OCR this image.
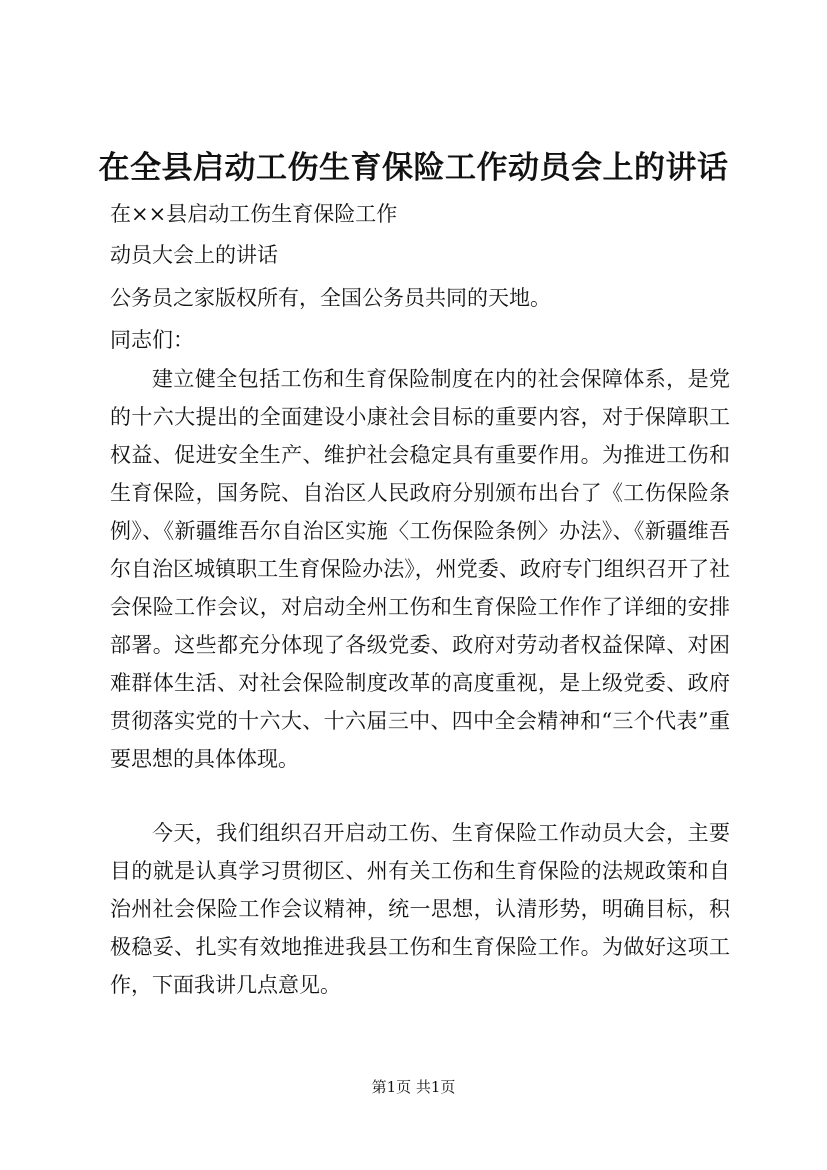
在全县启动工伤生育保险工作动员会上的讲话

在××县启动工伤生育保险工作

动员大会上的讲话

公务员之家版权所有，全国公务员共同的天地。

同志们：

建立健全包括工伤和生育保险制度在内的社会保障体系，是党的十六大提出的全面建设小康社会目标的重要内容，对于保障职工权益、促进安全生产、维护社会稳定具有重要作用。为推进工伤和生育保险，国务院、自治区人民政府分别颁布出台了《工伤保险条例》、《新疆维吾尔自治区实施〈工伤保险条例〉办法》、《新疆维吾尔自治区城镇职工生育保险办法》，州党委、政府专门组织召开了社会保险工作会议，对启动全州工伤和生育保险工作作了详细的安排部署。这些都充分体现了各级党委、政府对劳动者权益保障、对困难群体生活、对社会保险制度改革的高度重视，是上级党委、政府贯彻落实党的十六大、十六届三中、四中全会精神和“三个代表”重要思想的具体体现。

今天，我们组织召开启动工伤、生育保险工作动员大会，主要目的就是认真学习贯彻区、州有关工伤和生育保险的法规政策和自治州社会保险工作会议精神，统一思想，认清形势，明确目标，积极稳妥、扎实有效地推进我县工伤和生育保险工作。为做好这项工作，下面我讲几点意见。

第1页 共1页
